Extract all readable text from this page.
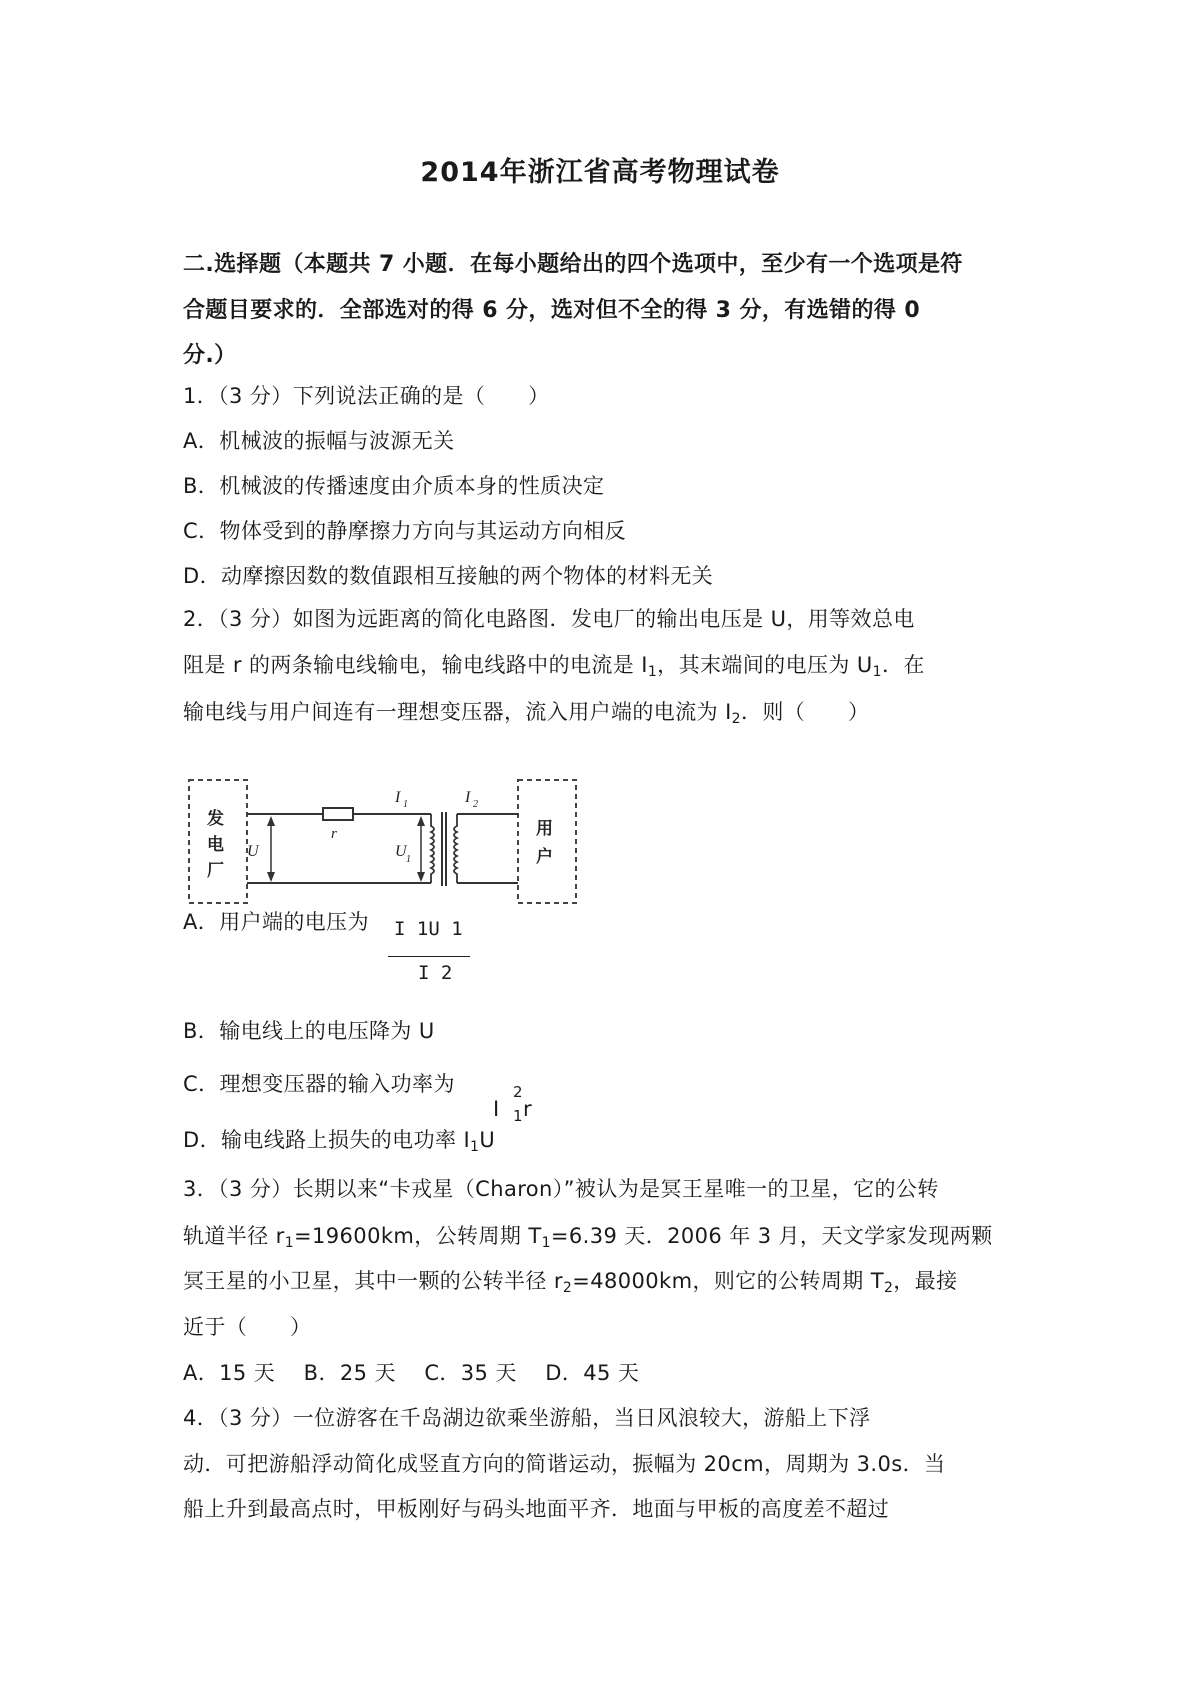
2014年浙江省高考物理试卷
二.选择题（本题共 7 小题．在每小题给出的四个选项中，至少有一个选项是符
合题目要求的．全部选对的得 6 分，选对但不全的得 3 分，有选错的得 0
分.）
1．（3 分）下列说法正确的是（　　）
A．机械波的振幅与波源无关
B．机械波的传播速度由介质本身的性质决定
C．物体受到的静摩擦力方向与其运动方向相反
D．动摩擦因数的数值跟相互接触的两个物体的材料无关
2．（3 分）如图为远距离的简化电路图．发电厂的输出电压是 U，用等效总电
阻是 r 的两条输电线输电，输电线路中的电流是 $I_1$，其末端间的电压为 $U_1$．在
输电线与用户间连有一理想变压器，流入用户端的电流为 $I_2$．则（　　）
发
电
厂
用
户
r
U	U 1
I 1	I 2
A．用户端的电压为 I 1U 1
I 2
B．输电线上的电压降为 U
C．理想变压器的输入功率为
I
2
1 r
D．输电线路上损失的电功率 $I_1U$
3．（3 分）长期以来“卡戎星（Charon）”被认为是冥王星唯一的卫星，它的公转
轨道半径 $r_1=19600km$，公转周期 $T_1=6.39$ 天．2006 年 3 月，天文学家发现两颗
冥王星的小卫星，其中一颗的公转半径 $r_2=48000km$，则它的公转周期 $T_2$，最接
近于（　　）
A．15 天　 B．25 天　 C．35 天　 D．45 天
4．（3 分）一位游客在千岛湖边欲乘坐游船，当日风浪较大，游船上下浮
动．可把游船浮动简化成竖直方向的简谐运动，振幅为 20cm，周期为 3.0s．当
船上升到最高点时，甲板刚好与码头地面平齐．地面与甲板的高度差不超过
